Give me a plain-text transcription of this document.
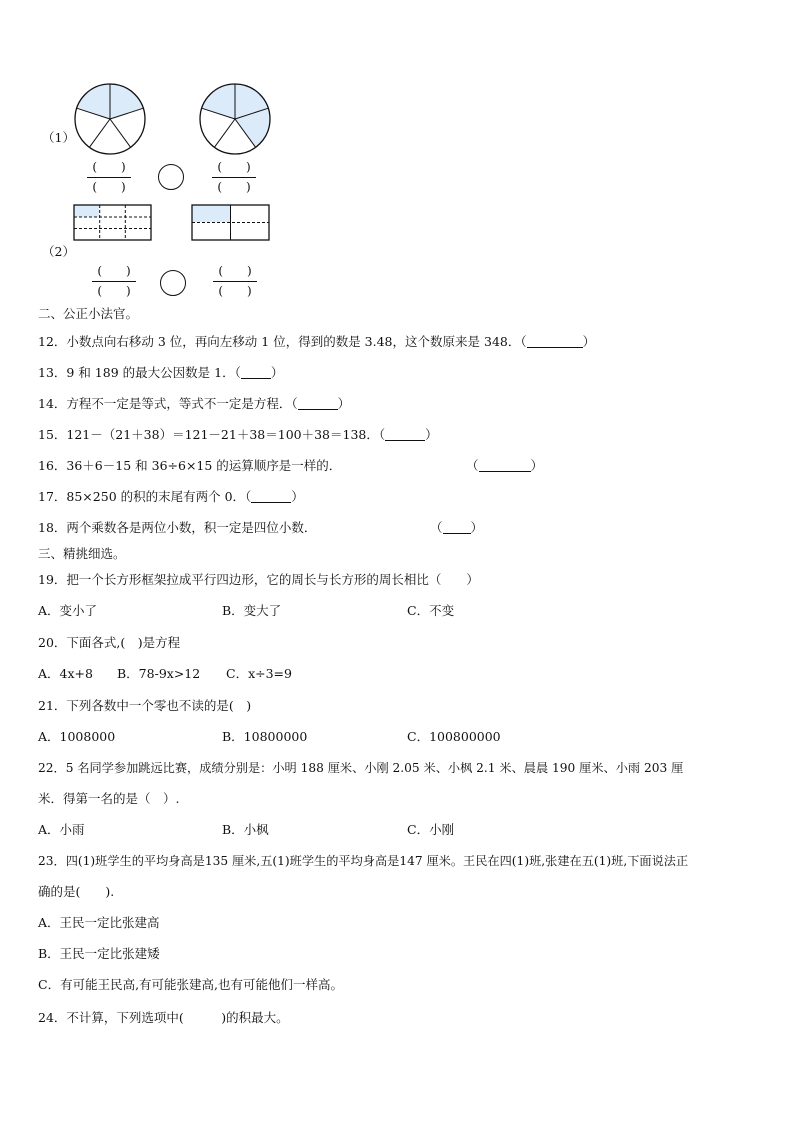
（1）
(　　)
(　　)
(　　)
(　　)
（2）
(　　)
(　　)
(　　)
(　　)
二、公正小法官。
12．小数点向右移动 3 位，再向左移动 1 位，得到的数是 3.48，这个数原来是 348．（	）
13．9 和 189 的最大公因数是 1．（ ）
14．方程不一定是等式，等式不一定是方程．（	）
15．121－（21＋38）＝121－21＋38＝100＋38＝138．（	）
16．36＋6－15 和 36÷6×15 的运算顺序是一样的．	（	）
17．85×250 的积的末尾有两个 0．（	）
18．两个乘数各是两位小数，积一定是四位小数．	（ ）
三、精挑细选。
19．把一个长方形框架拉成平行四边形，它的周长与长方形的周长相比（　　）
A．变小了	B．变大了	C．不变
20．下面各式,(　)是方程
A．4x+8 B．78-9x>12 C．x÷3=9
21．下列各数中一个零也不读的是(　)
A．1008000	B．10800000	C．100800000
22．5 名同学参加跳远比赛，成绩分别是：小明 188 厘米、小刚 2.05 米、小枫 2.1 米、晨晨 190 厘米、小雨 203 厘
米．得第一名的是（　）.
A．小雨	B．小枫	C．小刚
23．四(1)班学生的平均身高是135 厘米,五(1)班学生的平均身高是147 厘米。王民在四(1)班,张建在五(1)班,下面说法正
确的是(　　).
A．王民一定比张建高
B．王民一定比张建矮
C．有可能王民高,有可能张建高,也有可能他们一样高。
24．不计算，下列选项中(　　　)的积最大。
